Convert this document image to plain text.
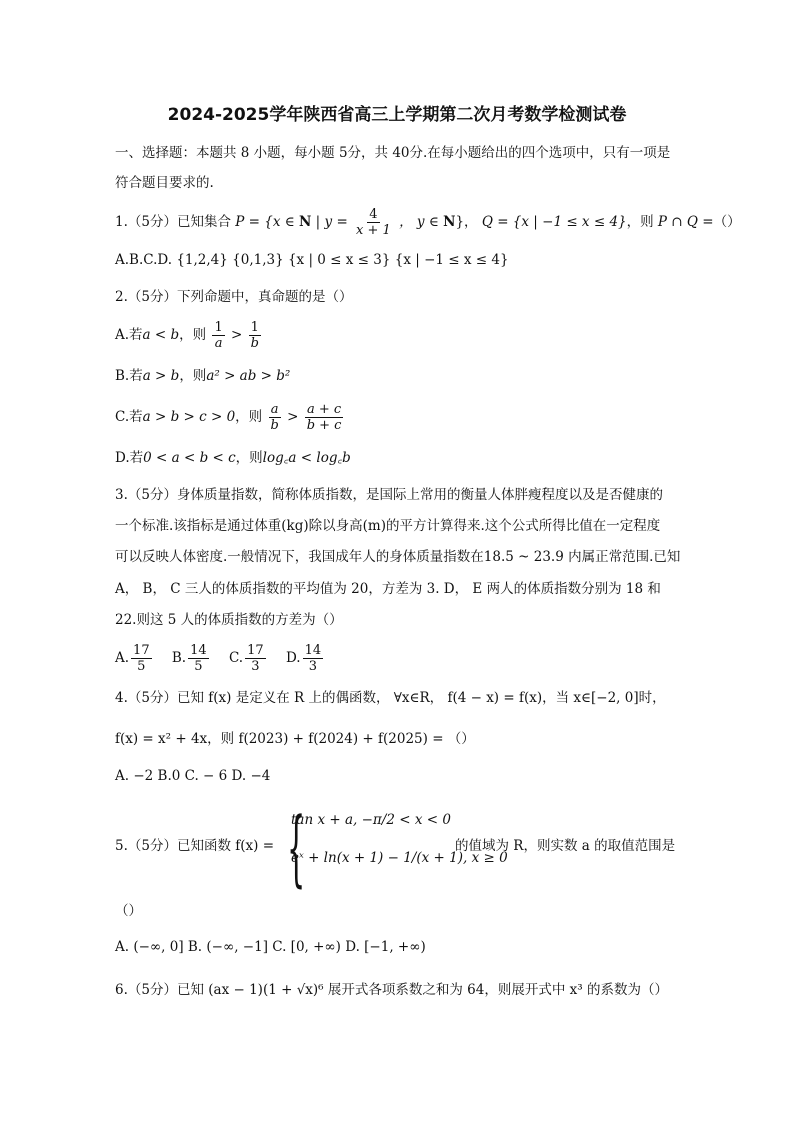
2024-2025学年陕西省高三上学期第二次月考数学检测试卷
一、选择题：本题共 8 小题，每小题 5分，共 40分.在每小题给出的四个选项中，只有一项是
符合题目要求的.
1.（5分）已知集合 P = {x ∈ N | $y = \frac{4}{x + 1}$ ， y ∈ N}， Q = {x | −1 ≤ x ≤ 4}，则 P ∩ Q =（）
A.B.C.D. {1,2,4} {0,1,3} {x | 0 ≤ x ≤ 3} {x | −1 ≤ x ≤ 4}
2.（5分）下列命题中，真命题的是（）
A.若a < b，则 $\frac{1}{a} > \frac{1}{b}$
B.若a > b，则a² > ab > b²
C.若a > b > c > 0，则 $\frac{a}{b} > \frac{a + c}{b + c}$
D.若0 < a < b < c，则log꜀a < log꜀b
3.（5分）身体质量指数，简称体质指数，是国际上常用的衡量人体胖瘦程度以及是否健康的
一个标准.该指标是通过体重(kg)除以身高(m)的平方计算得来.这个公式所得比值在一定程度
可以反映人体密度.一般情况下，我国成年人的身体质量指数在18.5 ~ 23.9 内属正常范围.已知
A， B， C 三人的体质指数的平均值为 20，方差为 3. D， E 两人的体质指数分别为 18 和
22.则这 5 人的体质指数的方差为（）
A. $\frac{17}{5} B$. $\frac{14}{5} C$. $\frac{17}{3} D$. $\frac{14}{3}$
4.（5分）已知 f(x) 是定义在 R 上的偶函数， ∀x∈R， f(4 − x) = f(x)，当 x∈[−2, 0]时，
f(x) = x² + 4x，则 f(2023) + f(2024) + f(2025) = （）
A. −2 B.0 C. − 6 D. −4
5.（5分）已知函数 f(x) = {
tan x + a, −π/2 < x < 0
eˣ + ln(x + 1) − 1/(x + 1), x ≥ 0
的值域为 R，则实数 a 的取值范围是
（）
A. (−∞, 0] B. (−∞, −1] C. [0, +∞) D. [−1, +∞)
6.（5分）已知 (ax − 1)(1 + √x)⁶ 展开式各项系数之和为 64，则展开式中 x³ 的系数为（）
